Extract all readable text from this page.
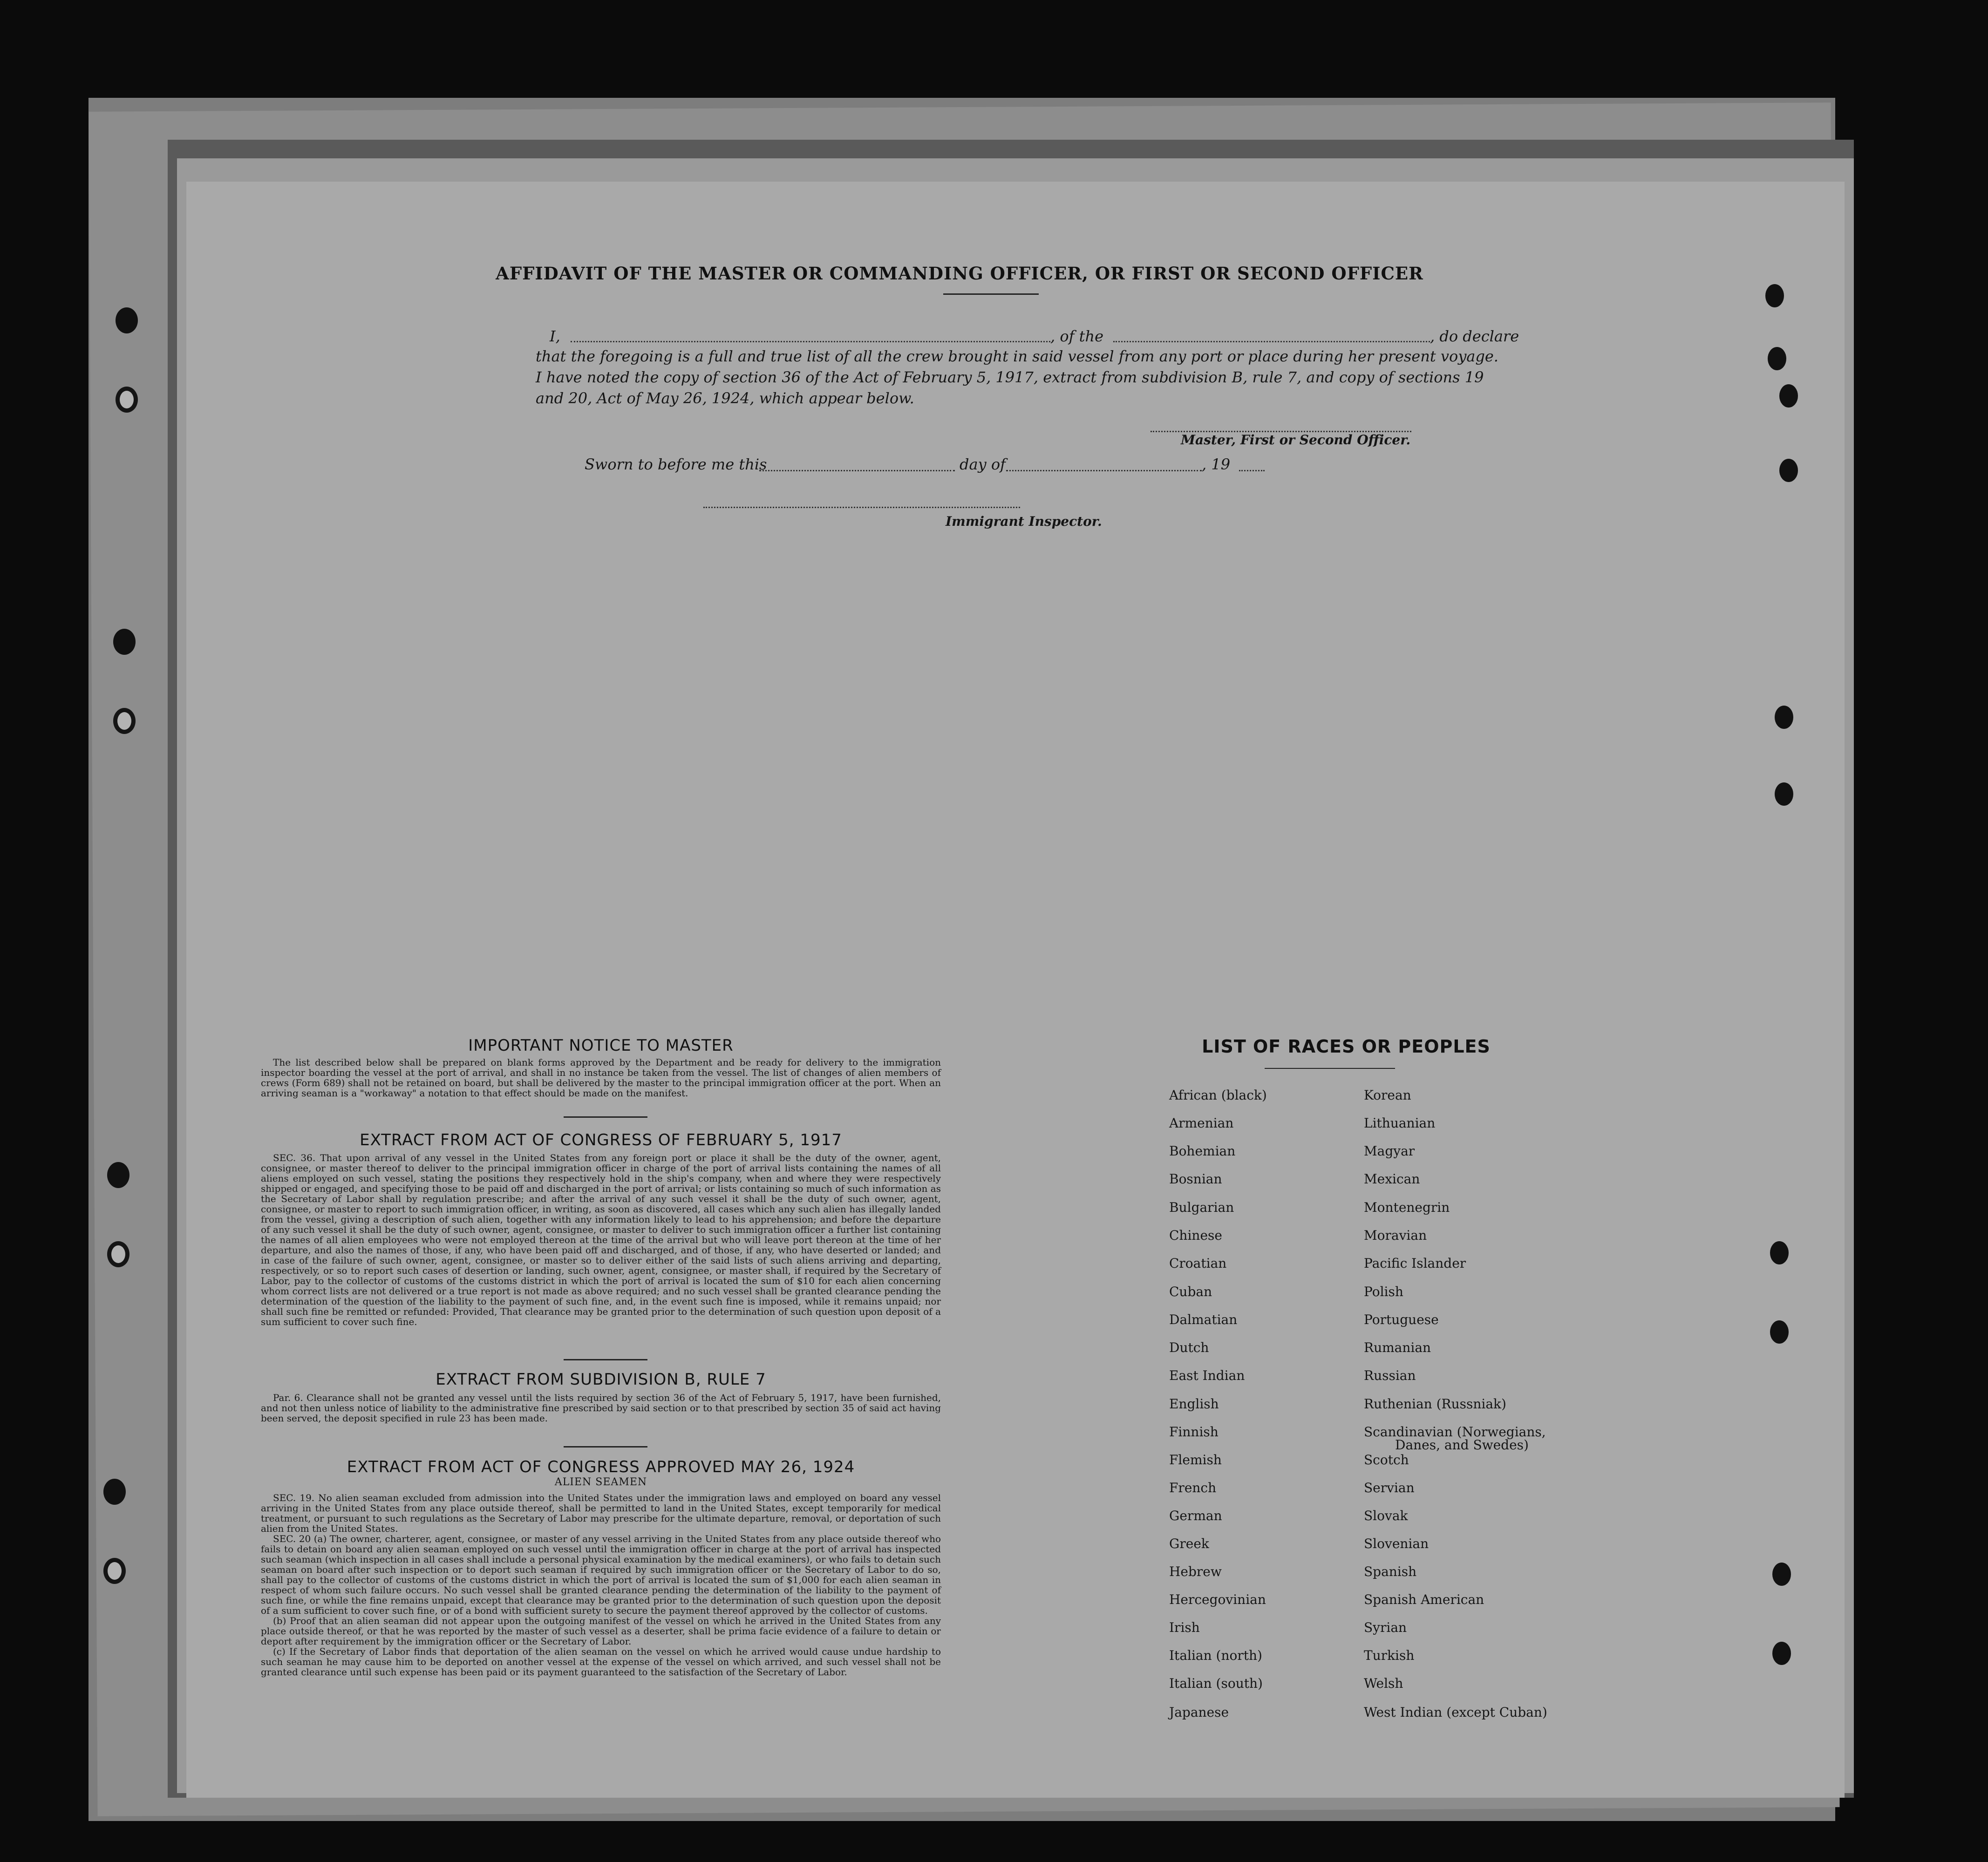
AFFIDAVIT OF THE MASTER OR COMMANDING OFFICER, OR FIRST OR SECOND OFFICER
I,	, of the	, do declare
that the foregoing is a full and true list of all the crew brought in said vessel from any port or place during her present voyage.
I have noted the copy of section 36 of the Act of February 5, 1917, extract from subdivision B, rule 7, and copy of sections 19
and 20, Act of May 26, 1924, which appear below.
Master, First or Second Officer.
Sworn to before me this	day of	, 19
Immigrant Inspector.
IMPORTANT NOTICE TO MASTER

The list described below shall be prepared on blank forms approved by the Department and be ready for delivery to the immigration inspector boarding the vessel at the port of arrival, and shall in no instance be taken from the vessel. The list of changes of alien members of crews (Form 689) shall not be retained on board, but shall be delivered by the master to the principal immigration officer at the port. When an arriving seaman is a "workaway" a notation to that effect should be made on the manifest.

EXTRACT FROM ACT OF CONGRESS OF FEBRUARY 5, 1917

SEC. 36. That upon arrival of any vessel in the United States from any foreign port or place it shall be the duty of the owner, agent, consignee, or master thereof to deliver to the principal immigration officer in charge of the port of arrival lists containing the names of all aliens employed on such vessel, stating the positions they respectively hold in the ship's company, when and where they were respectively shipped or engaged, and specifying those to be paid off and discharged in the port of arrival; or lists containing so much of such information as the Secretary of Labor shall by regulation prescribe; and after the arrival of any such vessel it shall be the duty of such owner, agent, consignee, or master to report to such immigration officer, in writing, as soon as discovered, all cases which any such alien has illegally landed from the vessel, giving a description of such alien, together with any information likely to lead to his apprehension; and before the departure of any such vessel it shall be the duty of such owner, agent, consignee, or master to deliver to such immigration officer a further list containing the names of all alien employees who were not employed thereon at the time of the arrival but who will leave port thereon at the time of her departure, and also the names of those, if any, who have been paid off and discharged, and of those, if any, who have deserted or landed; and in case of the failure of such owner, agent, consignee, or master so to deliver either of the said lists of such aliens arriving and departing, respectively, or so to report such cases of desertion or landing, such owner, agent, consignee, or master shall, if required by the Secretary of Labor, pay to the collector of customs of the customs district in which the port of arrival is located the sum of $10 for each alien concerning whom correct lists are not delivered or a true report is not made as above required; and no such vessel shall be granted clearance pending the determination of the question of the liability to the payment of such fine, and, in the event such fine is imposed, while it remains unpaid; nor shall such fine be remitted or refunded: Provided, That clearance may be granted prior to the determination of such question upon deposit of a sum sufficient to cover such fine.

EXTRACT FROM SUBDIVISION B, RULE 7

Par. 6. Clearance shall not be granted any vessel until the lists required by section 36 of the Act of February 5, 1917, have been furnished, and not then unless notice of liability to the administrative fine prescribed by said section or to that prescribed by section 35 of said act having been served, the deposit specified in rule 23 has been made.

EXTRACT FROM ACT OF CONGRESS APPROVED MAY 26, 1924
ALIEN SEAMEN

SEC. 19. No alien seaman excluded from admission into the United States under the immigration laws and employed on board any vessel arriving in the United States from any place outside thereof, shall be permitted to land in the United States, except temporarily for medical treatment, or pursuant to such regulations as the Secretary of Labor may prescribe for the ultimate departure, removal, or deportation of such alien from the United States.

SEC. 20 (a) The owner, charterer, agent, consignee, or master of any vessel arriving in the United States from any place outside thereof who fails to detain on board any alien seaman employed on such vessel until the immigration officer in charge at the port of arrival has inspected such seaman (which inspection in all cases shall include a personal physical examination by the medical examiners), or who fails to detain such seaman on board after such inspection or to deport such seaman if required by such immigration officer or the Secretary of Labor to do so, shall pay to the collector of customs of the customs district in which the port of arrival is located the sum of $1,000 for each alien seaman in respect of whom such failure occurs. No such vessel shall be granted clearance pending the determination of the liability to the payment of such fine, or while the fine remains unpaid, except that clearance may be granted prior to the determination of such question upon the deposit of a sum sufficient to cover such fine, or of a bond with sufficient surety to secure the payment thereof approved by the collector of customs.

(b) Proof that an alien seaman did not appear upon the outgoing manifest of the vessel on which he arrived in the United States from any place outside thereof, or that he was reported by the master of such vessel as a deserter, shall be prima facie evidence of a failure to detain or deport after requirement by the immigration officer or the Secretary of Labor.

(c) If the Secretary of Labor finds that deportation of the alien seaman on the vessel on which he arrived would cause undue hardship to such seaman he may cause him to be deported on another vessel at the expense of the vessel on which arrived, and such vessel shall not be granted clearance until such expense has been paid or its payment guaranteed to the satisfaction of the Secretary of Labor.

LIST OF RACES OR PEOPLES
African (black)
Armenian
Bohemian
Bosnian
Bulgarian
Chinese
Croatian
Cuban
Dalmatian
Dutch
East Indian
English
Finnish
Flemish
French
German
Greek
Hebrew
Hercegovinian
Irish
Italian (north)
Italian (south)
Japanese
Korean
Lithuanian
Magyar
Mexican
Montenegrin
Moravian
Pacific Islander
Polish
Portuguese
Rumanian
Russian
Ruthenian (Russniak)
Scandinavian (Norwegians,
Danes, and Swedes)
Scotch
Servian
Slovak
Slovenian
Spanish
Spanish American
Syrian
Turkish
Welsh
West Indian (except Cuban)
